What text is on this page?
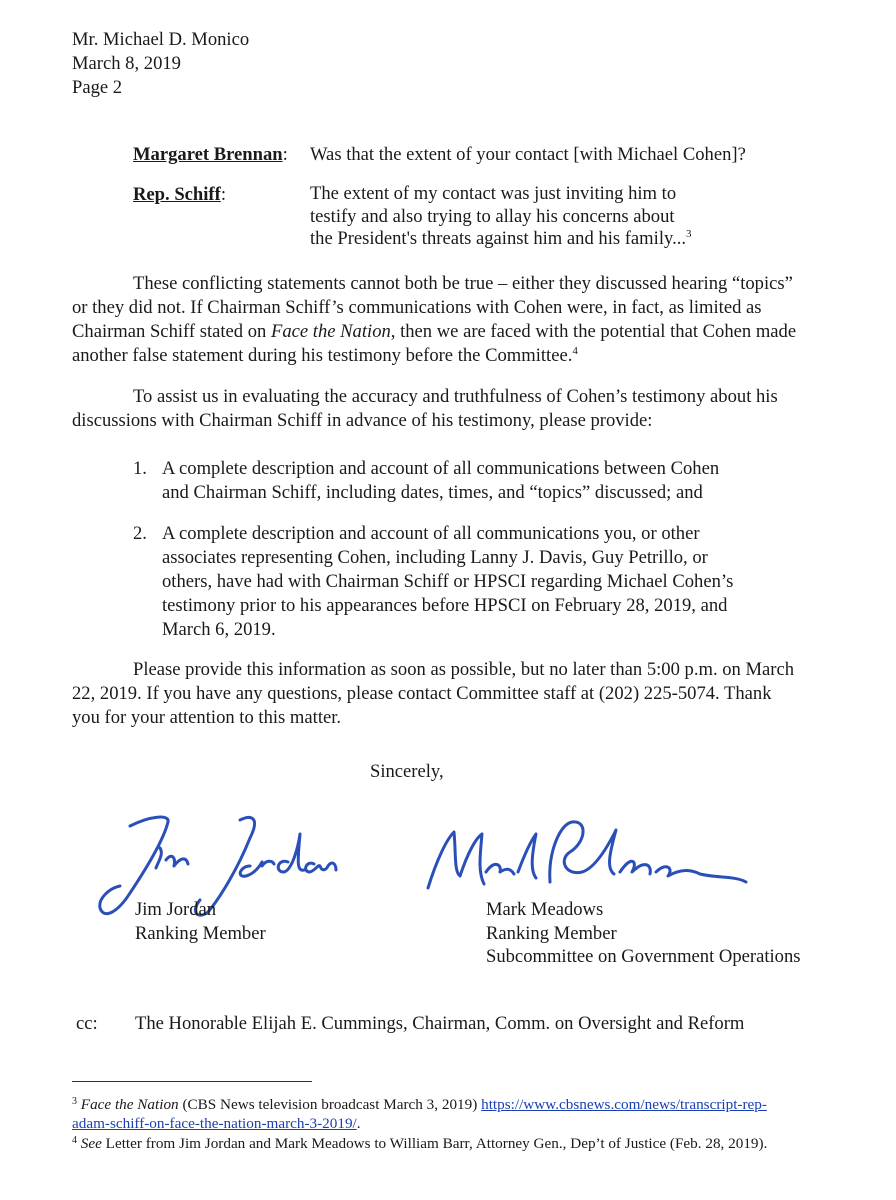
Mr. Michael D. Monico
March 8, 2019
Page 2
Margaret Brennan: Was that the extent of your contact [with Michael Cohen]?
Rep. Schiff:	The extent of my contact was just inviting him to
testify and also trying to allay his concerns about
the President's threats against him and his family...$^3$
These conflicting statements cannot both be true – either they discussed hearing “topics”
or they did not. If Chairman Schiff’s communications with Cohen were, in fact, as limited as
Chairman Schiff stated on Face the Nation, then we are faced with the potential that Cohen made
another false statement during his testimony before the Committee.$^4$
To assist us in evaluating the accuracy and truthfulness of Cohen’s testimony about his
discussions with Chairman Schiff in advance of his testimony, please provide:
1. A complete description and account of all communications between Cohen
and Chairman Schiff, including dates, times, and “topics” discussed; and
2. A complete description and account of all communications you, or other
associates representing Cohen, including Lanny J. Davis, Guy Petrillo, or
others, have had with Chairman Schiff or HPSCI regarding Michael Cohen’s
testimony prior to his appearances before HPSCI on February 28, 2019, and
March 6, 2019.
Please provide this information as soon as possible, but no later than 5:00 p.m. on March
22, 2019. If you have any questions, please contact Committee staff at (202) 225-5074. Thank
you for your attention to this matter.
Sincerely,
Jim Jordan
Ranking Member
Mark Meadows
Ranking Member
Subcommittee on Government Operations
cc: The Honorable Elijah E. Cummings, Chairman, Comm. on Oversight and Reform
$^3$ Face the Nation (CBS News television broadcast March 3, 2019) https://www.cbsnews.com/news/transcript-rep-
adam-schiff-on-face-the-nation-march-3-2019/.
$^4$ See Letter from Jim Jordan and Mark Meadows to William Barr, Attorney Gen., Dep’t of Justice (Feb. 28, 2019).
